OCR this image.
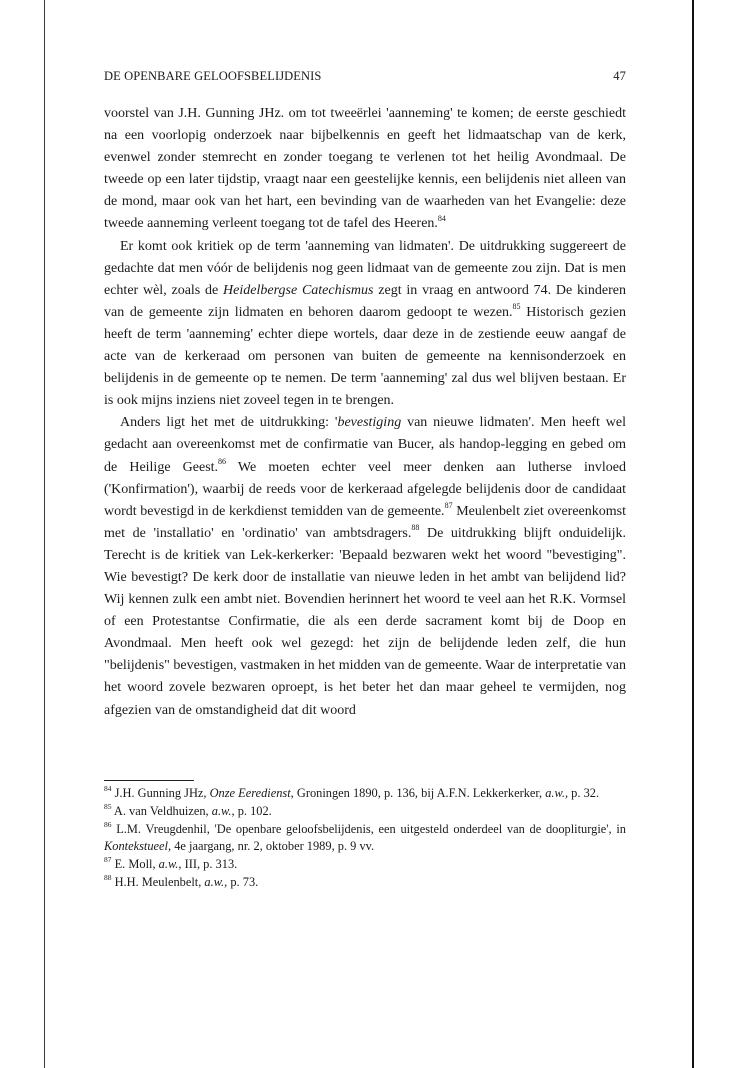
DE OPENBARE GELOOFSBELIJDENIS	47

voorstel van J.H. Gunning JHz. om tot tweeërlei 'aanneming' te komen; de eerste geschiedt na een voorlopig onderzoek naar bijbelkennis en geeft het lidmaatschap van de kerk, evenwel zonder stemrecht en zonder toegang te verlenen tot het heilig Avondmaal. De tweede op een later tijdstip, vraagt naar een geestelijke kennis, een belijdenis niet alleen van de mond, maar ook van het hart, een bevinding van de waarheden van het Evangelie: deze tweede aanneming verleent toegang tot de tafel des Heeren.$^{84}$

Er komt ook kritiek op de term 'aanneming van lidmaten'. De uitdrukking suggereert de gedachte dat men vóór de belijdenis nog geen lidmaat van de gemeente zou zijn. Dat is men echter wèl, zoals de Heidelbergse Catechismus zegt in vraag en antwoord 74. De kinderen van de gemeente zijn lidmaten en behoren daarom gedoopt te wezen.$^{85}$ Historisch gezien heeft de term 'aanneming' echter diepe wortels, daar deze in de zestiende eeuw aangaf de acte van de kerkeraad om personen van buiten de gemeente na kennisonderzoek en belijdenis in de gemeente op te nemen. De term 'aanneming' zal dus wel blijven bestaan. Er is ook mijns inziens niet zoveel tegen in te brengen.

Anders ligt het met de uitdrukking: 'bevestiging van nieuwe lidmaten'. Men heeft wel gedacht aan overeenkomst met de confirmatie van Bucer, als handop-legging en gebed om de Heilige Geest.$^{86}$ We moeten echter veel meer denken aan lutherse invloed ('Konfirmation'), waarbij de reeds voor de kerkeraad afgelegde belijdenis door de candidaat wordt bevestigd in de kerkdienst temidden van de gemeente.$^{87}$ Meulenbelt ziet overeenkomst met de 'installatio' en 'ordinatio' van ambtsdragers.$^{88}$ De uitdrukking blijft onduidelijk. Terecht is de kritiek van Lek-kerkerker: 'Bepaald bezwaren wekt het woord "bevestiging". Wie bevestigt? De kerk door de installatie van nieuwe leden in het ambt van belijdend lid? Wij kennen zulk een ambt niet. Bovendien herinnert het woord te veel aan het R.K. Vormsel of een Protestantse Confirmatie, die als een derde sacrament komt bij de Doop en Avondmaal. Men heeft ook wel gezegd: het zijn de belijdende leden zelf, die hun "belijdenis" bevestigen, vastmaken in het midden van de gemeente. Waar de interpretatie van het woord zovele bezwaren oproept, is het beter het dan maar geheel te vermijden, nog afgezien van de omstandigheid dat dit woord

$^{84}$ J.H. Gunning JHz, Onze Eeredienst, Groningen 1890, p. 136, bij A.F.N. Lekkerkerker, a.w., p. 32.
$^{85}$ A. van Veldhuizen, a.w., p. 102.
$^{86}$ L.M. Vreugdenhil, 'De openbare geloofsbelijdenis, een uitgesteld onderdeel van de doopliturgie', in Kontekstueel, 4e jaargang, nr. 2, oktober 1989, p. 9 vv.
$^{87}$ E. Moll, a.w., III, p. 313.
$^{88}$ H.H. Meulenbelt, a.w., p. 73.
